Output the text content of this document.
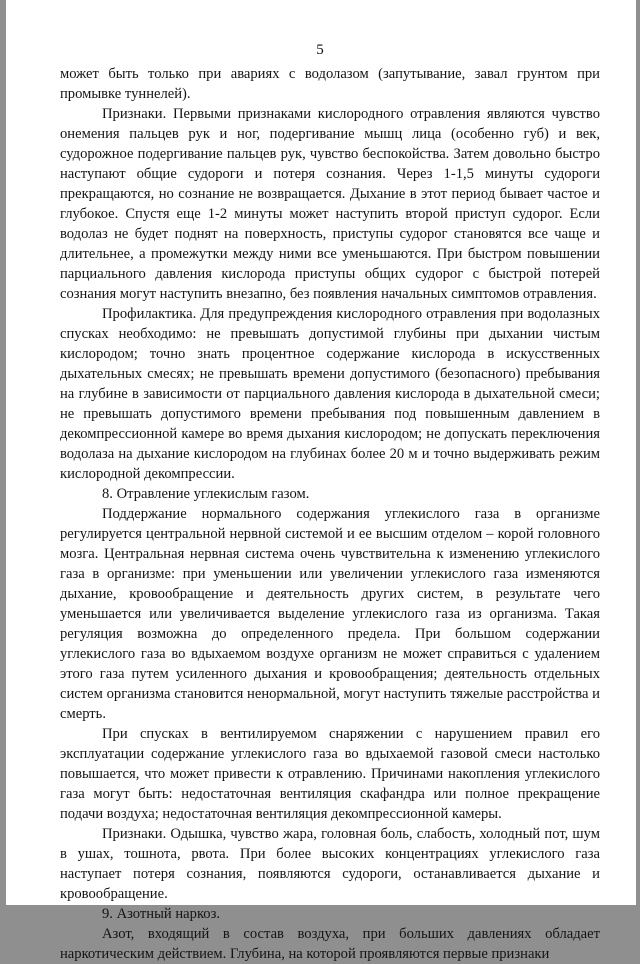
5

может быть только при авариях с водолазом (запутывание, завал грунтом при промывке туннелей).

Признаки. Первыми признаками кислородного отравления являются чувство онемения пальцев рук и ног, подергивание мышц лица (особенно губ) и век, судорожное подергивание пальцев рук, чувство беспокойства. Затем довольно быстро наступают общие судороги и потеря сознания. Через 1-1,5 минуты судороги прекращаются, но сознание не возвращается. Дыхание в этот период бывает частое и глубокое. Спустя еще 1-2 минуты может наступить второй приступ судорог. Если водолаз не будет поднят на поверхность, приступы судорог становятся все чаще и длительнее, а промежутки между ними все уменьшаются. При быстром повышении парциального давления кислорода приступы общих судорог с быстрой потерей сознания могут наступить внезапно, без появления начальных симптомов отравления.

Профилактика. Для предупреждения кислородного отравления при водолазных спусках необходимо: не превышать допустимой глубины при дыхании чистым кислородом; точно знать процентное содержание кислорода в искусственных дыхательных смесях; не превышать времени допустимого (безопасного) пребывания на глубине в зависимости от парциального давления кислорода в дыхательной смеси; не превышать допустимого времени пребывания под повышенным давлением в декомпрессионной камере во время дыхания кислородом; не допускать переключения водолаза на дыхание кислородом на глубинах более 20 м и точно выдерживать режим кислородной декомпрессии.

8. Отравление углекислым газом.

Поддержание нормального содержания углекислого газа в организме регулируется центральной нервной системой и ее высшим отделом – корой головного мозга. Центральная нервная система очень чувствительна к изменению углекислого газа в организме: при уменьшении или увеличении углекислого газа изменяются дыхание, кровообращение и деятельность других систем, в результате чего уменьшается или увеличивается выделение углекислого газа из организма. Такая регуляция возможна до определенного предела. При большом содержании углекислого газа во вдыхаемом воздухе организм не может справиться с удалением этого газа путем усиленного дыхания и кровообращения; деятельность отдельных систем организма становится ненормальной, могут наступить тяжелые расстройства и смерть.

При спусках в вентилируемом снаряжении с нарушением правил его эксплуатации содержание углекислого газа во вдыхаемой газовой смеси настолько повышается, что может привести к отравлению. Причинами накопления углекислого газа могут быть: недостаточная вентиляция скафандра или полное прекращение подачи воздуха; недостаточная вентиляция декомпрессионной камеры.

Признаки. Одышка, чувство жара, головная боль, слабость, холодный пот, шум в ушах, тошнота, рвота. При более высоких концентрациях углекислого газа наступает потеря сознания, появляются судороги, останавливается дыхание и кровообращение.

9. Азотный наркоз.

Азот, входящий в состав воздуха, при больших давлениях обладает наркотическим действием. Глубина, на которой проявляются первые признаки
